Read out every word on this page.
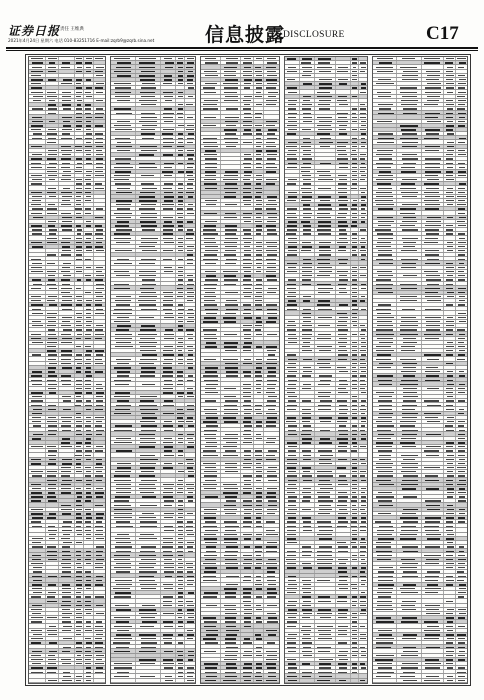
证券日报 责任 王维典
2021年4月24日 星期六 电话 010-83251716 E-mail:zqrb9@zqrb.sina.net	信息披露
DISCLOSURE	C17
